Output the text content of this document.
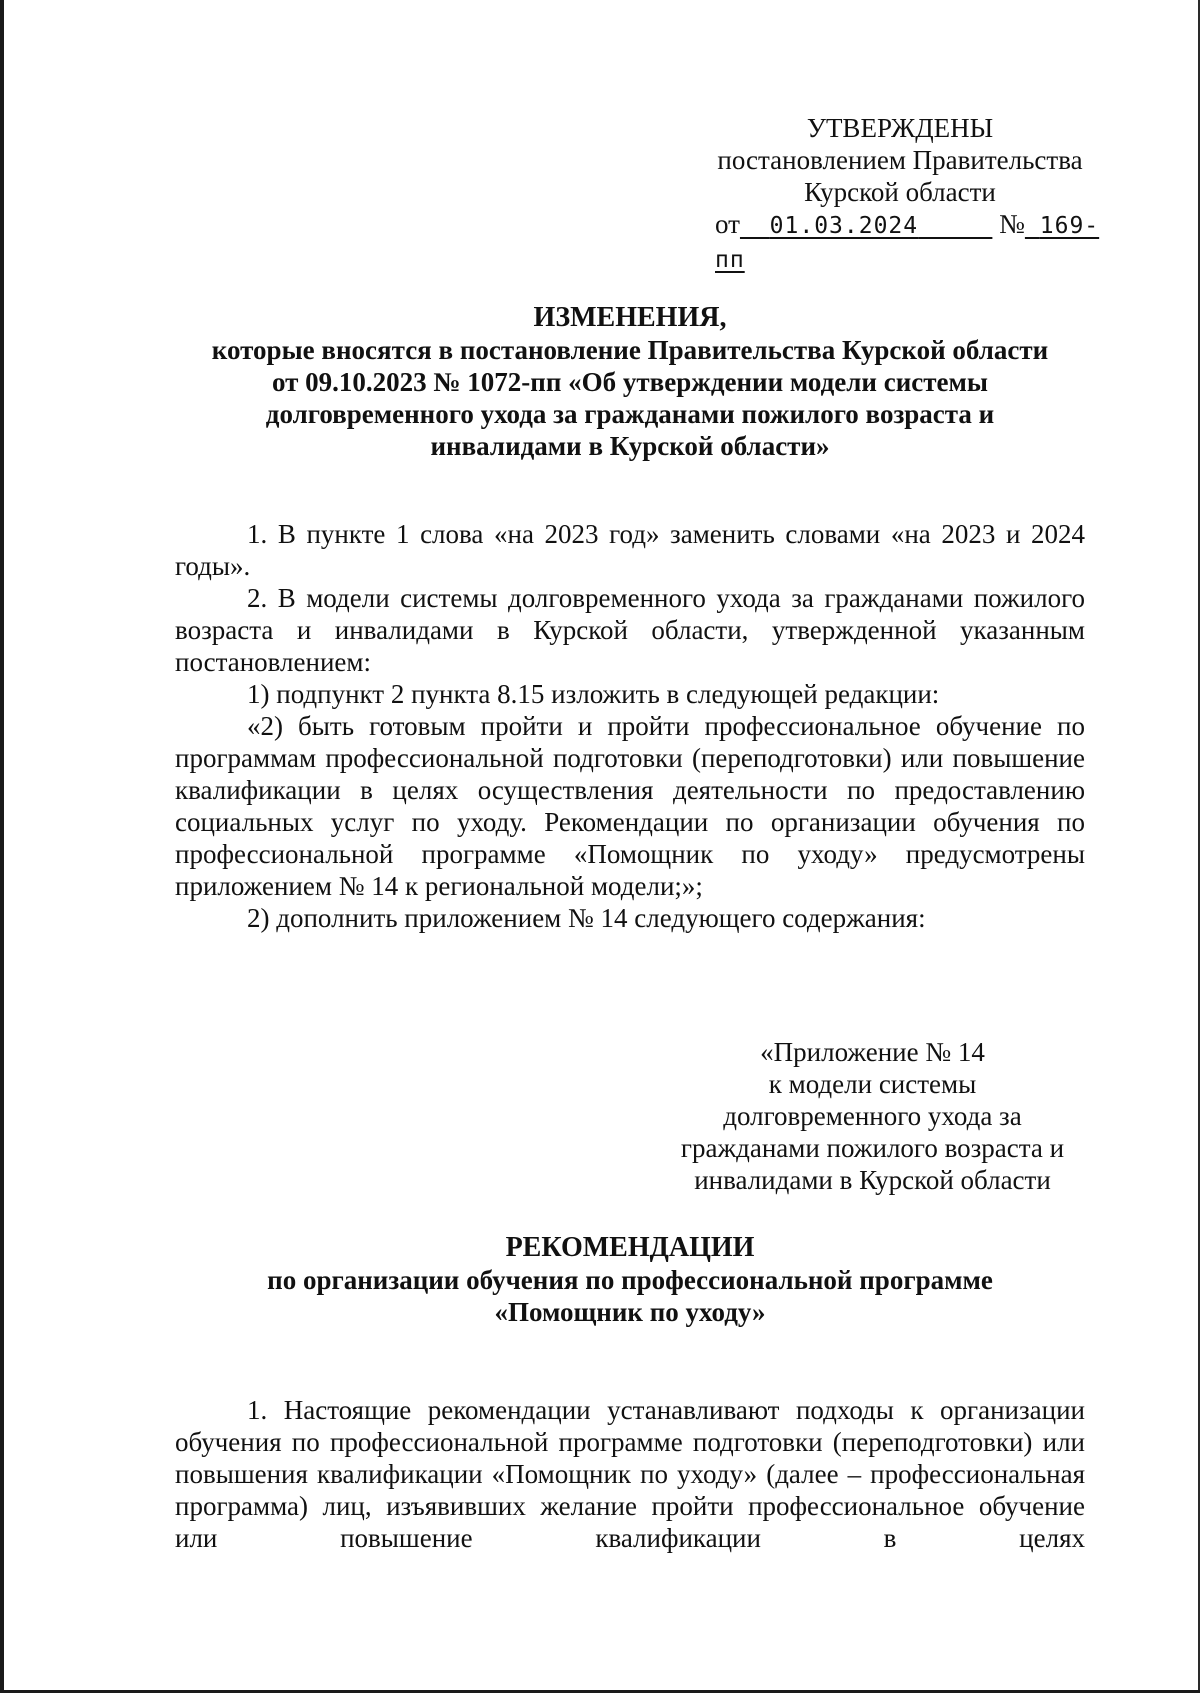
УТВЕРЖДЕНЫ
постановлением Правительства
Курской области
от 01.03.2024	№ 169-пп
ИЗМЕНЕНИЯ,
которые вносятся в постановление Правительства Курской области
от 09.10.2023 № 1072-пп «Об утверждении модели системы
долговременного ухода за гражданами пожилого возраста и
инвалидами в Курской области»

1. В пункте 1 слова «на 2023 год» заменить словами «на 2023 и 2024 годы».

2. В модели системы долговременного ухода за гражданами пожилого возраста и инвалидами в Курской области, утвержденной указанным постановлением:

1) подпункт 2 пункта 8.15 изложить в следующей редакции:

«2) быть готовым пройти и пройти профессиональное обучение по программам профессиональной подготовки (переподготовки) или повышение квалификации в целях осуществления деятельности по предоставлению социальных услуг по уходу. Рекомендации по организации обучения по профессиональной программе «Помощник по уходу» предусмотрены приложением № 14 к региональной модели;»;

2) дополнить приложением № 14 следующего содержания:

«Приложение № 14
к модели системы
долговременного ухода за
гражданами пожилого возраста и
инвалидами в Курской области
РЕКОМЕНДАЦИИ
по организации обучения по профессиональной программе
«Помощник по уходу»

1. Настоящие рекомендации устанавливают подходы к организации обучения по профессиональной программе подготовки (переподготовки) или повышения квалификации «Помощник по уходу» (далее – профессиональная программа) лиц, изъявивших желание пройти профессиональное обучение или повышение квалификации в целях
